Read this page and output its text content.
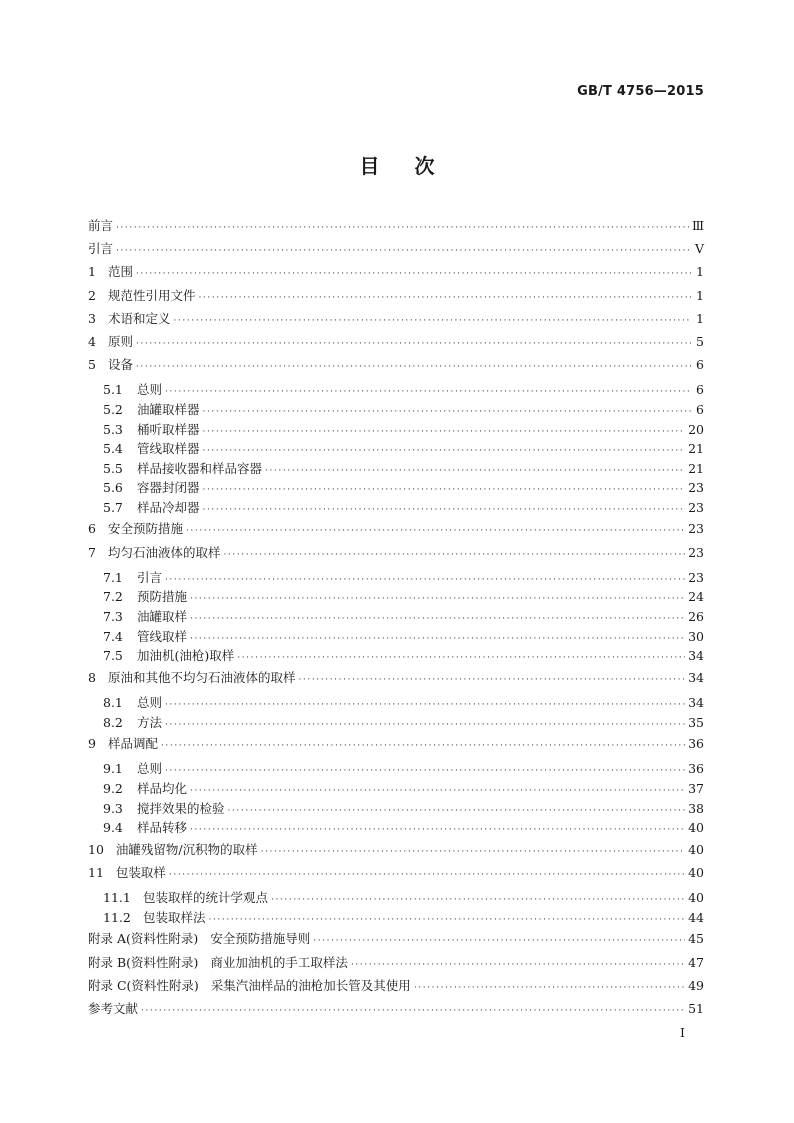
GB/T 4756—2015
目 次
前言 ·····	Ⅲ
引言 ·····	Ⅴ
1 范围 ·····	1
2 规范性引用文件 ·····	1
3 术语和定义 ·····	1
4 原则 ·····	5
5 设备 ·····	6
5.1	总则 ·····	6
5.2	油罐取样器 ·····	6
5.3	桶听取样器 ·····	20
5.4	管线取样器 ·····	21
5.5	样品接收器和样品容器 ·····	21
5.6	容器封闭器 ·····	23
5.7	样品冷却器 ·····	23
6 安全预防措施 ·····	23
7 均匀石油液体的取样 ·····	23
7.1	引言 ·····	23
7.2	预防措施 ·····	24
7.3	油罐取样 ·····	26
7.4	管线取样 ·····	30
7.5	加油机(油枪)取样 ·····	34
8 原油和其他不均匀石油液体的取样 ·····	34
8.1	总则 ·····	34
8.2	方法 ·····	35
9 样品调配 ·····	36
9.1	总则 ·····	36
9.2	样品均化 ·····	37
9.3	搅拌效果的检验 ·····	38
9.4	样品转移 ·····	40
10 油罐残留物/沉积物的取样 ·····	40
11 包装取样 ·····	40
11.1 包装取样的统计学观点 ·····	40
11.2 包装取样法 ·····	44
附录 A(资料性附录) 安全预防措施导则 ·····	45
附录 B(资料性附录) 商业加油机的手工取样法 ·····	47
附录 C(资料性附录) 采集汽油样品的油枪加长管及其使用 ·····	49
参考文献 ·····	51
I
